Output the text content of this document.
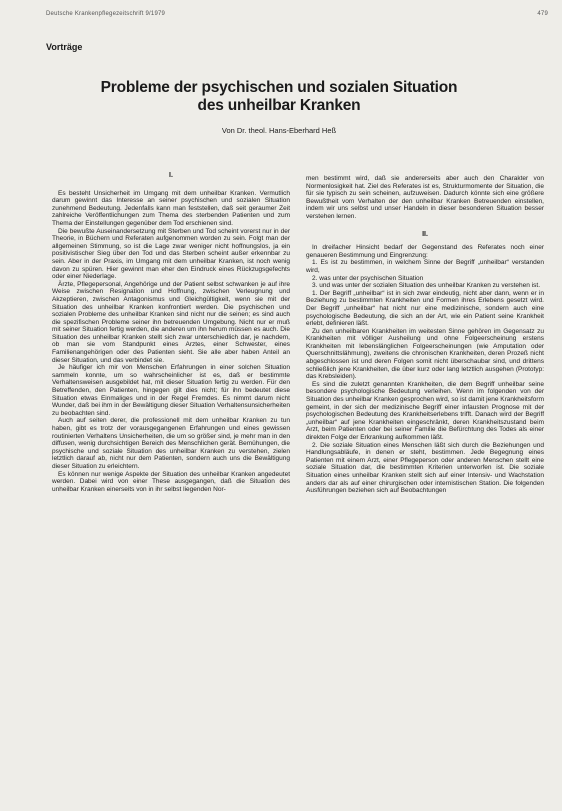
Deutsche Krankenpflegezeitschrift 9/1979	479
Vorträge
Probleme der psychischen und sozialen Situation
des unheilbar Kranken
Von Dr. theol. Hans-Eberhard Heß

I.

Es besteht Unsicherheit im Umgang mit dem unheilbar Kranken. Vermutlich darum gewinnt das Interesse an seiner psychischen und sozialen Situation zunehmend Bedeutung. Jedenfalls kann man feststellen, daß seit geraumer Zeit zahlreiche Veröffentlichungen zum Thema des sterbenden Patienten und zum Thema der Einstellungen gegenüber dem Tod erschienen sind.

Die bewußte Auseinandersetzung mit Sterben und Tod scheint vorerst nur in der Theorie, in Büchern und Referaten aufgenommen worden zu sein. Folgt man der allgemeinen Stimmung, so ist die Lage zwar weniger nicht hoffnungslos, ja ein positivistischer Sieg über den Tod und das Sterben scheint außer erkennbar zu sein. Aber in der Praxis, im Umgang mit dem unheilbar Kranken, ist noch wenig davon zu spüren. Hier gewinnt man eher den Eindruck eines Rückzugsgefechts oder einer Niederlage.

Ärzte, Pflegepersonal, Angehörige und der Patient selbst schwanken je auf ihre Weise zwischen Resignation und Hoffnung, zwischen Verleugnung und Akzeptieren, zwischen Antagonismus und Gleichgültigkeit, wenn sie mit der Situation des unheilbar Kranken konfrontiert werden. Die psychischen und sozialen Probleme des unheilbar Kranken sind nicht nur die seinen; es sind auch die spezifischen Probleme seiner ihn betreuenden Umgebung. Nicht nur er muß mit seiner Situation fertig werden, die anderen um ihn herum müssen es auch. Die Situation des unheilbar Kranken stellt sich zwar unterschiedlich dar, je nachdem, ob man sie vom Standpunkt eines Arztes, einer Schwester, eines Familienangehörigen oder des Patienten sieht. Sie alle aber haben Anteil an dieser Situation, und das verbindet sie.

Je häufiger ich mir von Menschen Erfahrungen in einer solchen Situation sammeln konnte, um so wahrscheinlicher ist es, daß er bestimmte Verhaltensweisen ausgebildet hat, mit dieser Situation fertig zu werden. Für den Betreffenden, den Patienten, hingegen gilt dies nicht; für ihn bedeutet diese Situation etwas Einmaliges und in der Regel Fremdes. Es nimmt darum nicht Wunder, daß bei ihm in der Bewältigung dieser Situation Verhaltensunsicherheiten zu beobachten sind.

Auch auf seiten derer, die professionell mit dem unheilbar Kranken zu tun haben, gibt es trotz der vorausgegangenen Erfahrungen und eines gewissen routinierten Verhaltens Unsicherheiten, die um so größer sind, je mehr man in den diffusen, wenig durchsichtigen Bereich des Menschlichen gerät. Bemühungen, die psychische und soziale Situation des unheilbar Kranken zu verstehen, zielen letztlich darauf ab, nicht nur dem Patienten, sondern auch uns die Bewältigung dieser Situation zu erleichtern.

Es können nur wenige Aspekte der Situation des unheilbar Kranken angedeutet werden. Dabei wird von einer These ausgegangen, daß die Situation des unheilbar Kranken einerseits von in ihr selbst liegenden Nor-

men bestimmt wird, daß sie andererseits aber auch den Charakter von Normenlosigkeit hat. Ziel des Referates ist es, Strukturmomente der Situation, die für sie typisch zu sein scheinen, aufzuweisen. Dadurch könnte sich eine größere Bewußtheit vom Verhalten der den unheilbar Kranken Betreuenden einstellen, indem wir uns selbst und unser Handeln in dieser besonderen Situation besser verstehen lernen.

II.

In dreifacher Hinsicht bedarf der Gegenstand des Referates noch einer genaueren Bestimmung und Eingrenzung:

1. Es ist zu bestimmen, in welchem Sinne der Begriff „unheilbar“ verstanden wird,

2. was unter der psychischen Situation

3. und was unter der sozialen Situation des unheilbar Kranken zu verstehen ist.

1. Der Begriff „unheilbar“ ist in sich zwar eindeutig, nicht aber dann, wenn er in Beziehung zu bestimmten Krankheiten und Formen ihres Erlebens gesetzt wird. Der Begriff „unheilbar“ hat nicht nur eine medizinische, sondern auch eine psychologische Bedeutung, die sich an der Art, wie ein Patient seine Krankheit erlebt, definieren läßt.

Zu den unheilbaren Krankheiten im weitesten Sinne gehören im Gegensatz zu Krankheiten mit völliger Ausheilung und ohne Folgeerscheinung erstens Krankheiten mit lebenslänglichen Folgeerscheinungen (wie Amputation oder Querschnittslähmung), zweitens die chronischen Krankheiten, deren Prozeß nicht abgeschlossen ist und deren Folgen somit nicht überschaubar sind, und drittens schließlich jene Krankheiten, die über kurz oder lang letztlich ausgehen (Prototyp: das Krebsleiden).

Es sind die zuletzt genannten Krankheiten, die dem Begriff unheilbar seine besondere psychologische Bedeutung verleihen. Wenn im folgenden von der Situation des unheilbar Kranken gesprochen wird, so ist damit jene Krankheitsform gemeint, in der sich der medizinische Begriff einer infausten Prognose mit der psychologischen Bedeutung des Krankheitserlebens trifft. Danach wird der Begriff „unheilbar“ auf jene Krankheiten eingeschränkt, deren Krankheitszustand beim Arzt, beim Patienten oder bei seiner Familie die Befürchtung des Todes als einer direkten Folge der Erkrankung aufkommen läßt.

2. Die soziale Situation eines Menschen läßt sich durch die Beziehungen und Handlungsabläufe, in denen er steht, bestimmen. Jede Begegnung eines Patienten mit einem Arzt, einer Pflegeperson oder anderen Menschen stellt eine soziale Situation dar, die bestimmten Kriterien unterworfen ist. Die soziale Situation eines unheilbar Kranken stellt sich auf einer Intensiv- und Wachstation anders dar als auf einer chirurgischen oder internistischen Station. Die folgenden Ausführungen beziehen sich auf Beobachtungen
